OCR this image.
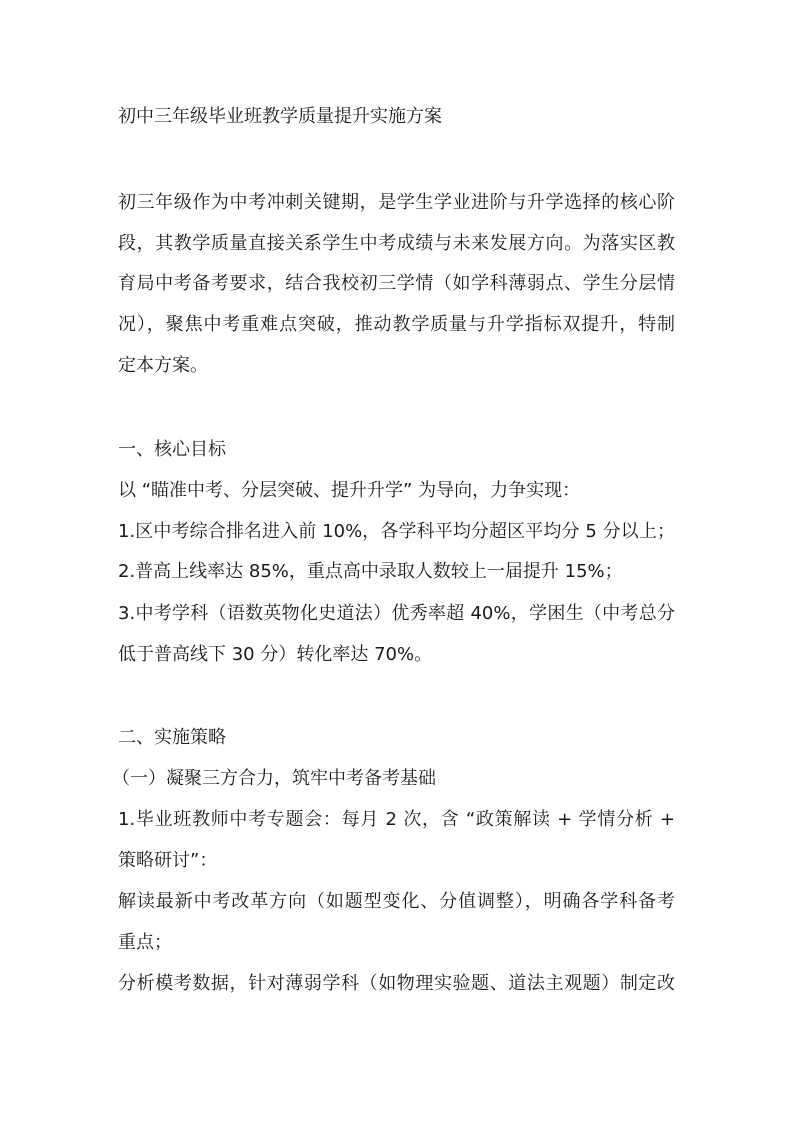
初中三年级毕业班教学质量提升实施方案
初三年级作为中考冲刺关键期，是学生学业进阶与升学选择的核心阶
段，其教学质量直接关系学生中考成绩与未来发展方向。为落实区教
育局中考备考要求，结合我校初三学情（如学科薄弱点、学生分层情
况），聚焦中考重难点突破，推动教学质量与升学指标双提升，特制
定本方案。
一、核心目标
以 “瞄准中考、分层突破、提升升学” 为导向，力争实现：
1.区中考综合排名进入前 10%，各学科平均分超区平均分 5 分以上；
2.普高上线率达 85%，重点高中录取人数较上一届提升 15%；
3.中考学科（语数英物化史道法）优秀率超 40%，学困生（中考总分
低于普高线下 30 分）转化率达 70%。
二、实施策略
（一）凝聚三方合力，筑牢中考备考基础
1.毕业班教师中考专题会：每月 2 次，含 “政策解读 + 学情分析 +
策略研讨”：
解读最新中考改革方向（如题型变化、分值调整），明确各学科备考
重点；
分析模考数据，针对薄弱学科（如物理实验题、道法主观题）制定改
